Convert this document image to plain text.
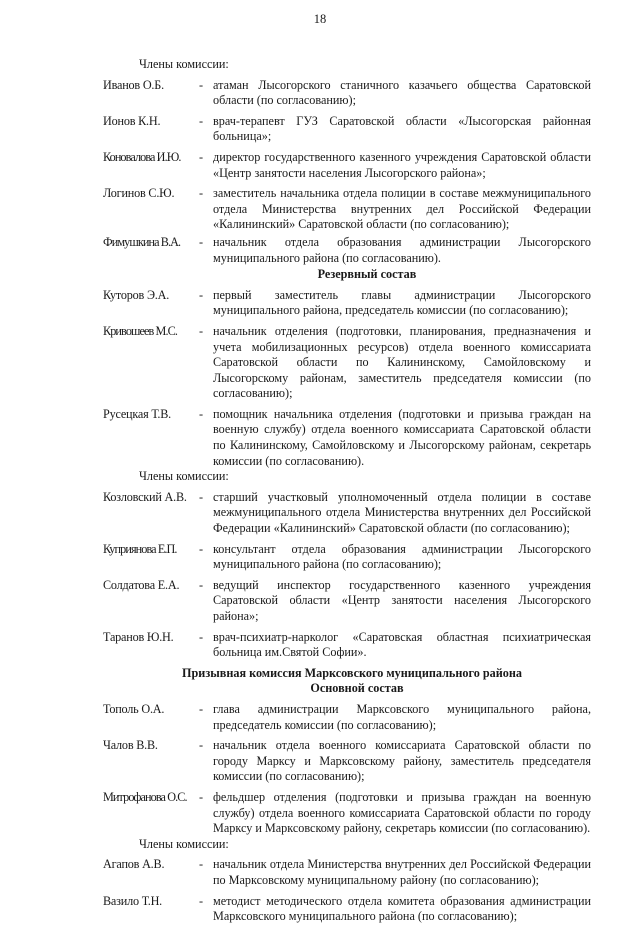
18
Члены комиссии:
Иванов О.Б.	- атаман Лысогорского станичного казачьего общества Саратовской области (по согласованию);
Ионов К.Н.	- врач-терапевт ГУЗ Саратовской области «Лысогорская районная больница»;
Коновалова И.Ю.	- директор государственного казенного учреждения Саратовской области «Центр занятости населения Лысогорского района»;
Логинов С.Ю.	- заместитель начальника отдела полиции в составе межмуниципального отдела Министерства внутренних дел Российской Федерации «Калининский» Саратовской области (по согласованию);
Фимушкина В.А.	- начальник отдела образования администрации Лысогорского муниципального района (по согласованию).
Резервный состав
Куторов Э.А.	- первый заместитель главы администрации Лысогорского муниципального района, председатель комиссии (по согласованию);
Кривошеев М.С.	- начальник отделения (подготовки, планирования, предназначения и учета мобилизационных ресурсов) отдела военного комиссариата Саратовской области по Калининскому, Самойловскому и Лысогорскому районам, заместитель председателя комиссии (по согласованию);
Русецкая Т.В.	- помощник начальника отделения (подготовки и призыва граждан на военную службу) отдела военного комиссариата Саратовской области по Калининскому, Самойловскому и Лысогорскому районам, секретарь комиссии (по согласованию).
Члены комиссии:
Козловский А.В.	- старший участковый уполномоченный отдела полиции в составе межмуниципального отдела Министерства внутренних дел Российской Федерации «Калининский» Саратовской области (по согласованию);
Куприянова Е.П.	- консультант отдела образования администрации Лысогорского муниципального района (по согласованию);
Солдатова Е.А.	- ведущий инспектор государственного казенного учреждения Саратовской области «Центр занятости населения Лысогорского района»;
Таранов Ю.Н.	- врач-психиатр-нарколог «Саратовская областная психиатрическая больница им.Святой Софии».
Призывная комиссия Марксовского муниципального района
Основной состав
Тополь О.А.	- глава администрации Марксовского муниципального района, председатель комиссии (по согласованию);
Чалов В.В.	- начальник отдела военного комиссариата Саратовской области по городу Марксу и Марксовскому району, заместитель председателя комиссии (по согласованию);
Митрофанова О.С.	- фельдшер отделения (подготовки и призыва граждан на военную службу) отдела военного комиссариата Саратовской области по городу Марксу и Марксовскому району, секретарь комиссии (по согласованию).
Члены комиссии:
Агапов А.В.	- начальник отдела Министерства внутренних дел Российской Федерации по Марксовскому муниципальному району (по согласованию);
Вазило Т.Н.	- методист методического отдела комитета образования администрации Марксовского муниципального района (по согласованию);
